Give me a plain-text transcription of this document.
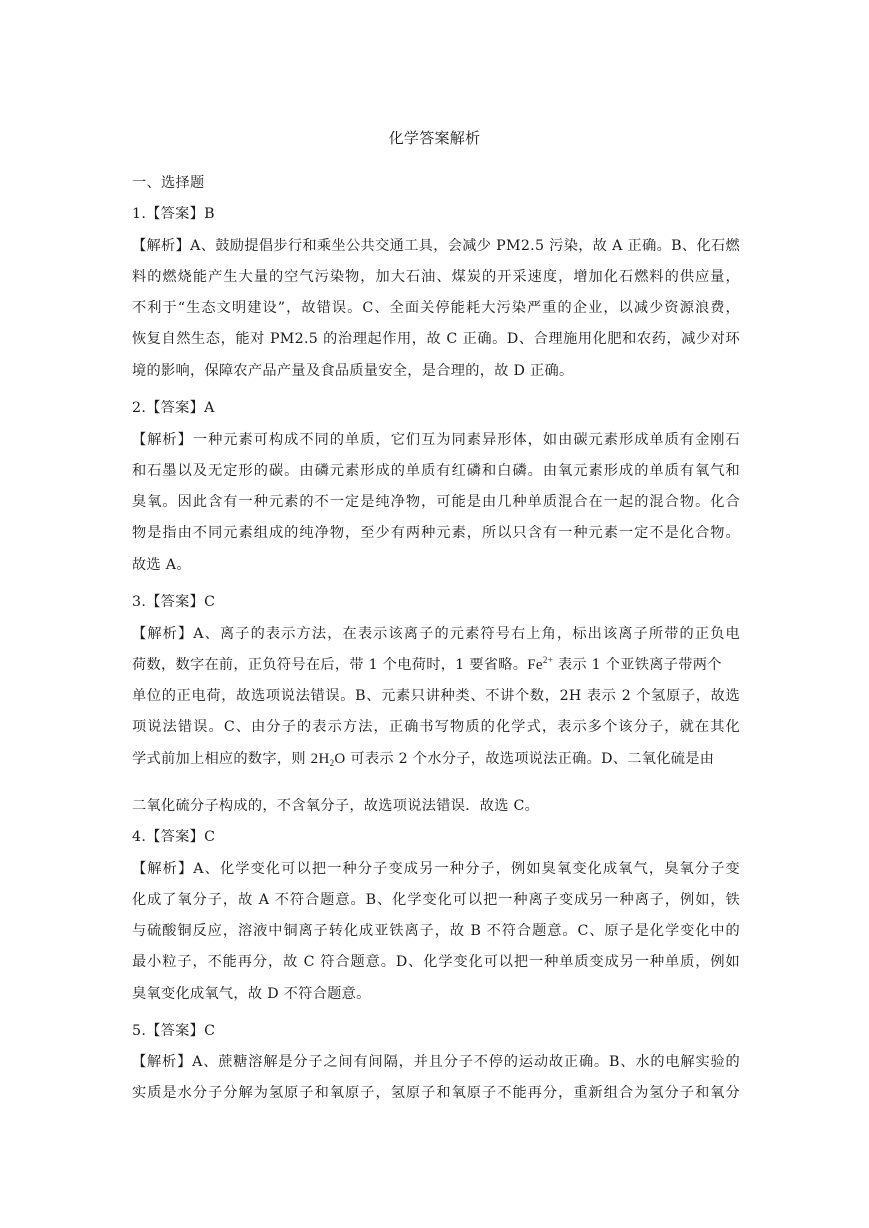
化学答案解析
一、选择题
1.【答案】B
【解析】A、鼓励提倡步行和乘坐公共交通工具，会减少 PM2.5 污染，故 A 正确。B、化石燃
料的燃烧能产生大量的空气污染物，加大石油、煤炭的开采速度，增加化石燃料的供应量，
不利于“生态文明建设”，故错误。C、全面关停能耗大污染严重的企业，以减少资源浪费，
恢复自然生态，能对 PM2.5 的治理起作用，故 C 正确。D、合理施用化肥和农药，减少对环
境的影响，保障农产品产量及食品质量安全，是合理的，故 D 正确。
2.【答案】A
【解析】一种元素可构成不同的单质，它们互为同素异形体，如由碳元素形成单质有金刚石
和石墨以及无定形的碳。由磷元素形成的单质有红磷和白磷。由氧元素形成的单质有氧气和
臭氧。因此含有一种元素的不一定是纯净物，可能是由几种单质混合在一起的混合物。化合
物是指由不同元素组成的纯净物，至少有两种元素，所以只含有一种元素一定不是化合物。
故选 A。
3.【答案】C
【解析】A、离子的表示方法，在表示该离子的元素符号右上角，标出该离子所带的正负电
荷数，数字在前，正负符号在后，带 1 个电荷时，1 要省略。$Fe^{2+}$ 表示 1 个亚铁离子带两个
单位的正电荷，故选项说法错误。B、元素只讲种类、不讲个数，2H 表示 2 个氢原子，故选
项说法错误。C、由分子的表示方法，正确书写物质的化学式，表示多个该分子，就在其化
学式前加上相应的数字，则 $2H_2O$ 可表示 2 个水分子，故选项说法正确。D、二氧化硫是由
二氧化硫分子构成的，不含氧分子，故选项说法错误．故选 C。
4.【答案】C
【解析】A、化学变化可以把一种分子变成另一种分子，例如臭氧变化成氧气，臭氧分子变
化成了氧分子，故 A 不符合题意。B、化学变化可以把一种离子变成另一种离子，例如，铁
与硫酸铜反应，溶液中铜离子转化成亚铁离子，故 B 不符合题意。C、原子是化学变化中的
最小粒子，不能再分，故 C 符合题意。D、化学变化可以把一种单质变成另一种单质，例如
臭氧变化成氧气，故 D 不符合题意。
5.【答案】C
【解析】A、蔗糖溶解是分子之间有间隔，并且分子不停的运动故正确。B、水的电解实验的
实质是水分子分解为氢原子和氧原子，氢原子和氧原子不能再分，重新组合为氢分子和氧分
